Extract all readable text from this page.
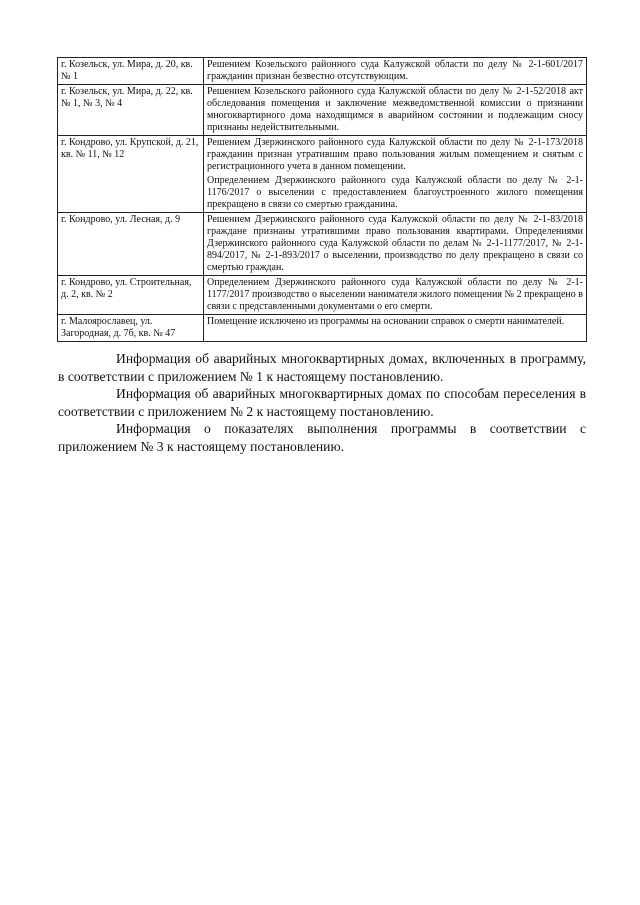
г. Козельск, ул. Мира, д. 20, кв. № 1	Решением Козельского районного суда Калужской области по делу № 2-1-601/2017 гражданин признан безвестно отсутствующим.

г. Козельск, ул. Мира, д. 22, кв. № 1, № 3, № 4	Решением Козельского районного суда Калужской области по делу № 2-1-52/2018 акт обследования помещения и заключение межведомственной комиссии о признании многоквартирного дома находящимся в аварийном состоянии и подлежащим сносу признаны недействительными.

г. Кондрово, ул. Крупской, д. 21, кв. № 11, № 12	Решением Дзержинского районного суда Калужской области по делу № 2-1-173/2018 гражданин признан утратившим право пользования жилым помещением и снятым с регистрационного учета в данном помещении.

Определением Дзержинского районного суда Калужской области по делу № 2-1-1176/2017 о выселении с предоставлением благоустроенного жилого помещения прекращено в связи со смертью гражданина.

г. Кондрово, ул. Лесная, д. 9	Решением Дзержинского районного суда Калужской области по делу № 2-1-83/2018 граждане признаны утратившими право пользования квартирами. Определениями Дзержинского районного суда Калужской области по делам № 2-1-1177/2017, № 2-1-894/2017, № 2-1-893/2017 о выселении, производство по делу прекращено в связи со смертью граждан.

г. Кондрово, ул. Строительная, д. 2, кв. № 2	Определением Дзержинского районного суда Калужской области по делу № 2-1-1177/2017 производство о выселении нанимателя жилого помещения № 2 прекращено в связи с представленными документами о его смерти.

г. Малоярославец, ул. Загородная, д. 7б, кв. № 47	Помещение исключено из программы на основании справок о смерти нанимателей.

Информация об аварийных многоквартирных домах, включенных в программу, в соответствии с приложением № 1 к настоящему постановлению.

Информация об аварийных многоквартирных домах по способам переселения в соответствии с приложением № 2 к настоящему постановлению.

Информация о показателях выполнения программы в соответствии с приложением № 3 к настоящему постановлению.
